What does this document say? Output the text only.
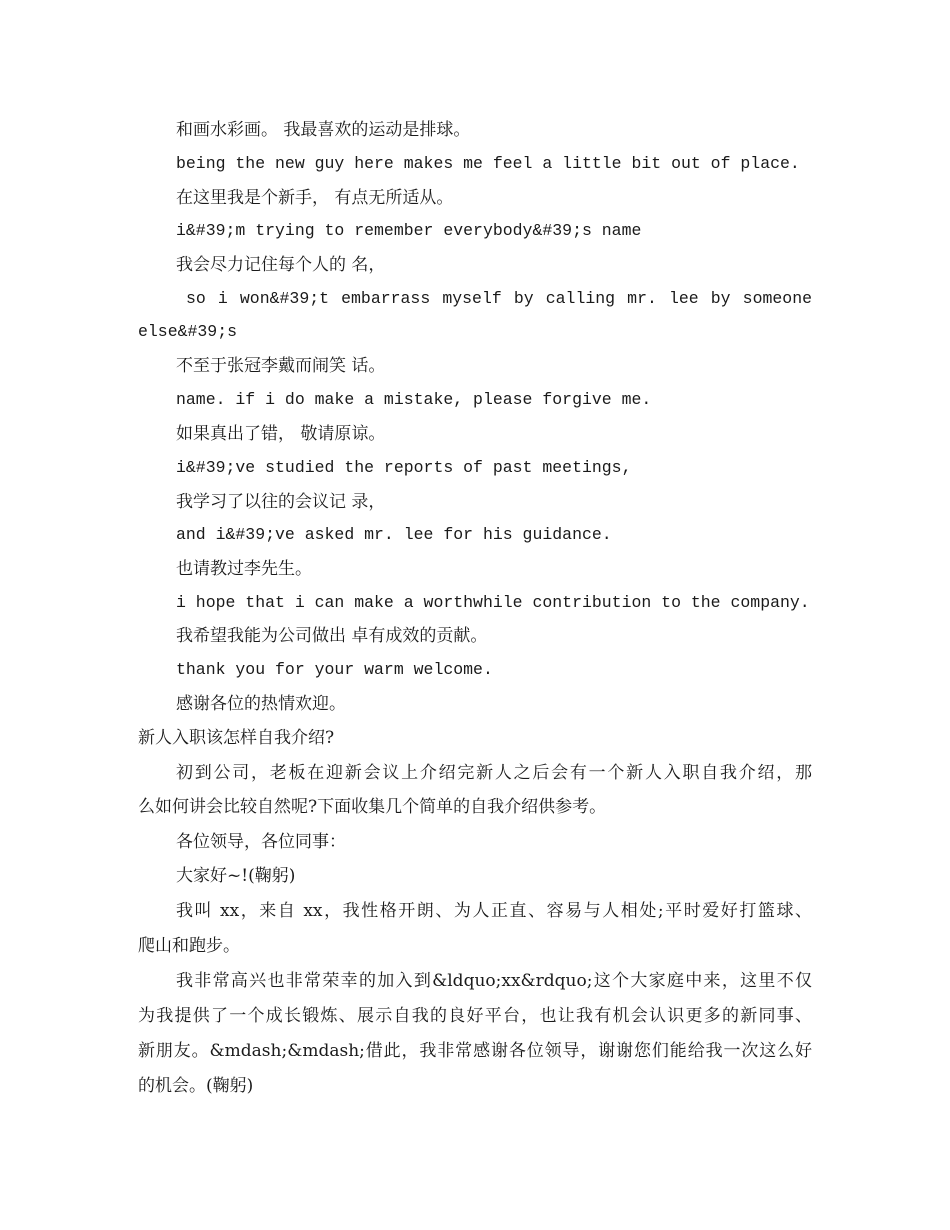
和画水彩画。 我最喜欢的运动是排球。
being the new guy here makes me feel a little bit out of place.
在这里我是个新手， 有点无所适从。
i&#39;m trying to remember everybody&#39;s name
我会尽力记住每个人的 名，
so i won&#39;t embarrass myself by calling mr. lee by someone
else&#39;s
不至于张冠李戴而闹笑 话。
name. if i do make a mistake, please forgive me.
如果真出了错， 敬请原谅。
i&#39;ve studied the reports of past meetings,
我学习了以往的会议记 录，
and i&#39;ve asked mr. lee for his guidance.
也请教过李先生。
i hope that i can make a worthwhile contribution to the company.
我希望我能为公司做出 卓有成效的贡献。
thank you for your warm welcome.
感谢各位的热情欢迎。
新人入职该怎样自我介绍?
初到公司，老板在迎新会议上介绍完新人之后会有一个新人入职自我介绍，那
么如何讲会比较自然呢?下面收集几个简单的自我介绍供参考。
各位领导，各位同事：
大家好~!(鞠躬)
我叫 xx，来自 xx，我性格开朗、为人正直、容易与人相处;平时爱好打篮球、
爬山和跑步。
我非常高兴也非常荣幸的加入到&ldquo;xx&rdquo;这个大家庭中来，这里不仅
为我提供了一个成长锻炼、展示自我的良好平台，也让我有机会认识更多的新同事、
新朋友。&mdash;&mdash;借此，我非常感谢各位领导，谢谢您们能给我一次这么好
的机会。(鞠躬)
